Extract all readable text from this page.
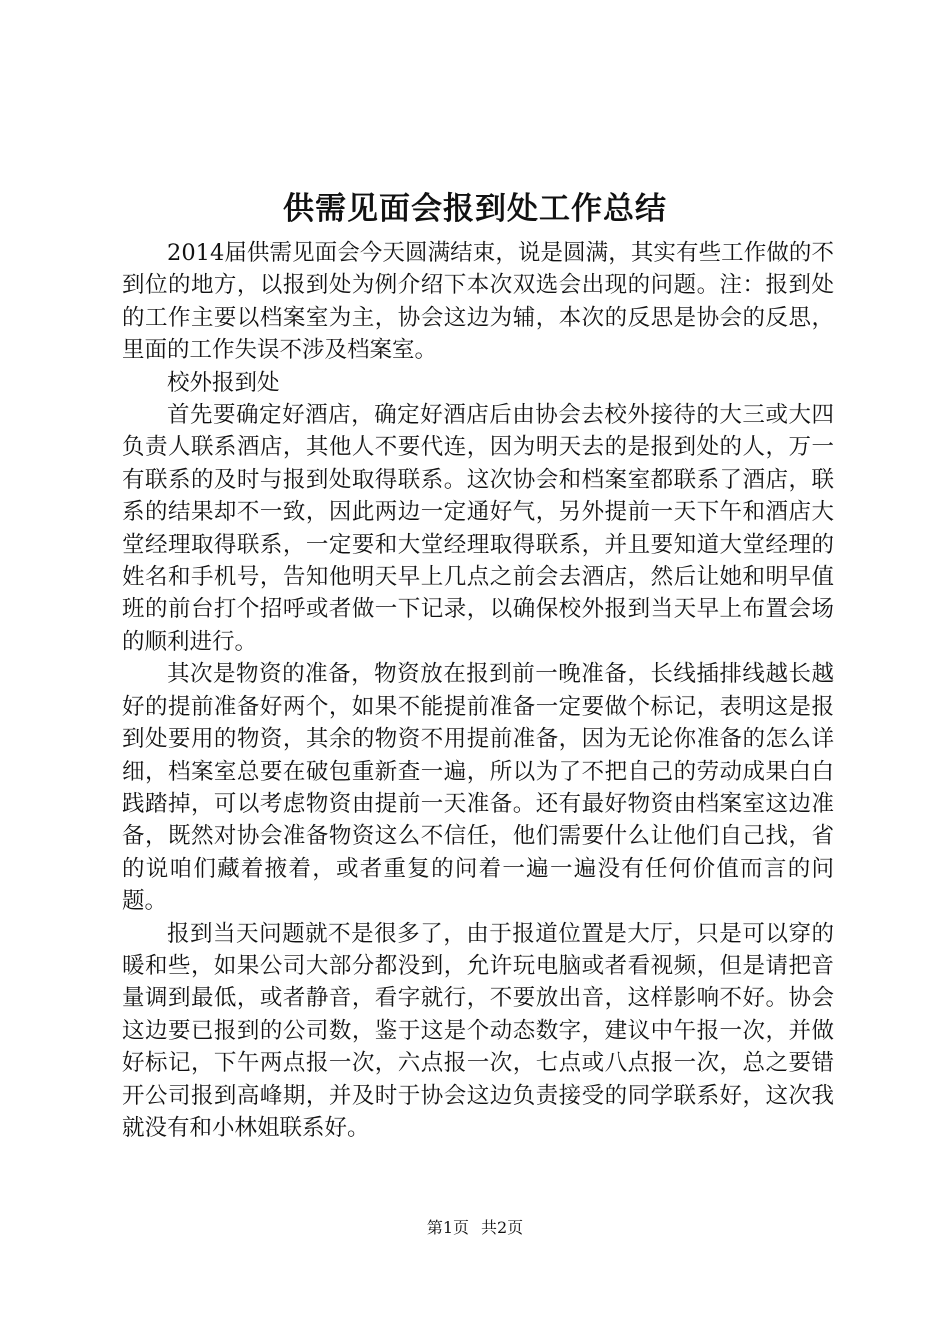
供需见面会报到处工作总结

2014届供需见面会今天圆满结束，说是圆满，其实有些工作做的不到位的地方，以报到处为例介绍下本次双选会出现的问题。注：报到处的工作主要以档案室为主，协会这边为辅，本次的反思是协会的反思，里面的工作失误不涉及档案室。

校外报到处

首先要确定好酒店，确定好酒店后由协会去校外接待的大三或大四负责人联系酒店，其他人不要代连，因为明天去的是报到处的人，万一有联系的及时与报到处取得联系。这次协会和档案室都联系了酒店，联系的结果却不一致，因此两边一定通好气，另外提前一天下午和酒店大堂经理取得联系，一定要和大堂经理取得联系，并且要知道大堂经理的姓名和手机号，告知他明天早上几点之前会去酒店，然后让她和明早值班的前台打个招呼或者做一下记录，以确保校外报到当天早上布置会场的顺利进行。

其次是物资的准备，物资放在报到前一晚准备，长线插排线越长越好的提前准备好两个，如果不能提前准备一定要做个标记，表明这是报到处要用的物资，其余的物资不用提前准备，因为无论你准备的怎么详细，档案室总要在破包重新查一遍，所以为了不把自己的劳动成果白白践踏掉，可以考虑物资由提前一天准备。还有最好物资由档案室这边准备，既然对协会准备物资这么不信任，他们需要什么让他们自己找，省的说咱们藏着掖着，或者重复的问着一遍一遍没有任何价值而言的问题。

报到当天问题就不是很多了，由于报道位置是大厅，只是可以穿的暖和些，如果公司大部分都没到，允许玩电脑或者看视频，但是请把音量调到最低，或者静音，看字就行，不要放出音，这样影响不好。协会这边要已报到的公司数，鉴于这是个动态数字，建议中午报一次，并做好标记，下午两点报一次，六点报一次，七点或八点报一次，总之要错开公司报到高峰期，并及时于协会这边负责接受的同学联系好，这次我就没有和小林姐联系好。

第1页 共2页
